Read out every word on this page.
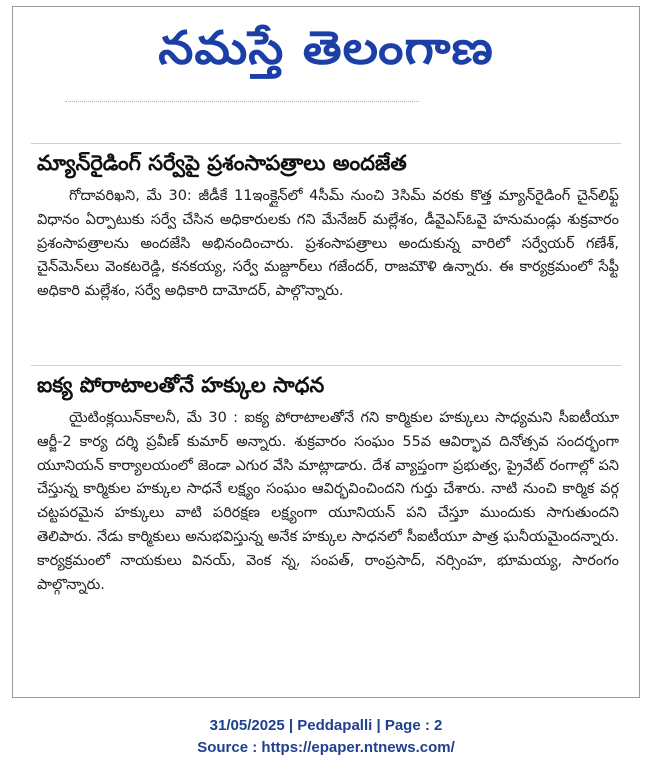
నమస్తే తెలంగాణ
మ్యాన్‌రైడింగ్ సర్వేపై ప్రశంసాపత్రాలు అందజేత

గోదావరిఖని, మే 30: జీడీకే 11ఇంక్లైన్‌లో 4సీమ్ నుంచి 3సిమ్ వరకు కొత్త మ్యాన్‌రైడింగ్ చైన్‌లిఫ్ట్ విధానం ఏర్పాటుకు సర్వే చేసిన అధికారులకు గని మేనేజర్ మల్లేశం, డీవైఎస్ఓవై హనుమండ్లు శుక్రవారం ప్రశంసాపత్రాలను అందజేసి అభినందించారు. ప్రశంసాపత్రాలు అందుకున్న వారిలో సర్వేయర్ గణేశ్, చైన్‌మెన్‌లు వెంకటరెడ్డి, కనకయ్య, సర్వే మజ్దూర్‌లు గజేందర్, రాజమౌళి ఉన్నారు. ఈ కార్యక్రమంలో సేఫ్టీ అధికారి మల్లేశం, సర్వే అధికారి దామోదర్, పాల్గొన్నారు.

ఐక్య పోరాటాలతోనే హక్కుల సాధన

యైటింక్లయిన్‌కాలనీ, మే 30 : ఐక్య పోరాటాలతోనే గని కార్మికుల హక్కులు సాధ్యమని సీఐటీయూ ఆర్జీ-2 కార్య దర్శి ప్రవీణ్ కుమార్ అన్నారు. శుక్రవారం సంఘం 55వ ఆవిర్భావ దినోత్సవ సందర్భంగా యూనియన్ కార్యాలయంలో జెండా ఎగుర వేసి మాట్లాడారు. దేశ వ్యాప్తంగా ప్రభుత్వ, ప్రైవేట్ రంగాల్లో పని చేస్తున్న కార్మికుల హక్కుల సాధనే లక్ష్యం సంఘం ఆవిర్భవించిందని గుర్తు చేశారు. నాటి నుంచి కార్మిక వర్గ చట్టపరమైన హక్కులు వాటి పరిరక్షణ లక్ష్యంగా యూనియన్ పని చేస్తూ ముందుకు సాగుతుందని తెలిపారు. నేడు కార్మికులు అనుభవిస్తున్న అనేక హక్కుల సాధనలో సీఐటీయూ పాత్ర ఘనీయమైందన్నారు. కార్యక్రమంలో నాయకులు వినయ్, వెంక న్న, సంపత్, రాంప్రసాద్, నర్సింహ, భూమయ్య, సారంగం పాల్గొన్నారు.

31/05/2025 | Peddapalli | Page : 2
Source : https://epaper.ntnews.com/
